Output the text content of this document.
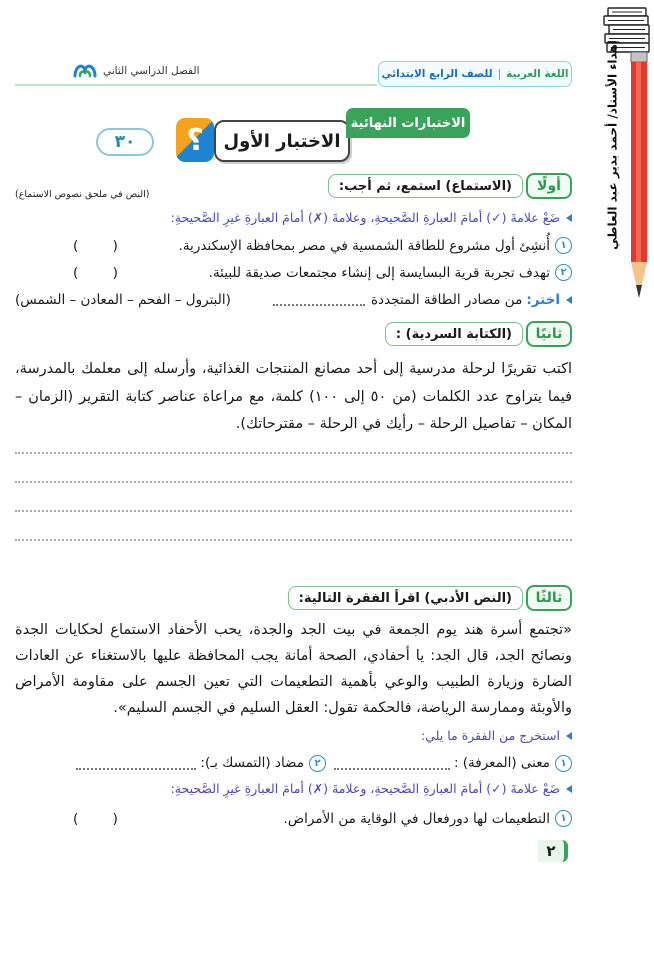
إهداء الأستاذ/ أحمد بدير عبد العاطي
اللغة العربية
|
للصف الرابع الابتدائي
الفصل الدراسي الثاني
الاختبارات النهائية
الاختبار الأول
؟
٣٠
أولًا
(الاستماع) استمع، ثم أجب:
(النص في ملحق نصوص الاستماع)
ضَعْ علامةَ (✓) أمامَ العبارةِ الصَّحيحةِ، وعلامةَ (✗) أمامَ العبارةِ غيرِ الصَّحيحةِ:
١
أُنشِئ أول مشروع للطاقة الشمسية في مصر بمحافظة الإسكندرية.
(        )
٢
تهدف تجربة قرية البسايسة إلى إنشاء مجتمعات صديقة للبيئة.
(        )
اختر:
من مصادر الطاقة المتجددة
(البترول – الفحم – المعادن – الشمس)
ثانيًا
(الكتابة السردية) :
اكتب تقريرًا لرحلة مدرسية إلى أحد مصانع المنتجات الغذائية، وأرسله إلى معلمك بالمدرسة، فيما يتراوح عدد الكلمات (من ٥٠ إلى ١٠٠) كلمة، مع مراعاة عناصر كتابة التقرير (الزمان – المكان – تفاصيل الرحلة – رأيك في الرحلة – مقترحاتك).
ثالثًا
(النص الأدبي) اقرأ الفقرة التالية:
«تجتمع أسرة هند يوم الجمعة في بيت الجد والجدة، يحب الأحفاد الاستماع لحكايات الجدة ونصائح الجد، قال الجد: يا أحفادي، الصحة أمانة يجب المحافظة عليها بالاستغناء عن العادات الضارة وزيارة الطبيب والوعي بأهمية التطعيمات التي تعين الجسم على مقاومة الأمراض والأوبئة وممارسة الرياضة، فالحكمة تقول: العقل السليم في الجسم السليم».
استخرج من الفقرة ما يلي:
١
معنى (المعرفة) :
٢
مضاد (التمسك بـ):
ضَعْ علامةَ (✓) أمامَ العبارةِ الصَّحيحةِ، وعلامةَ (✗) أمامَ العبارةِ غيرِ الصَّحيحةِ:
١
التطعيمات لها دورفعال في الوقاية من الأمراض.
(        )
٢
